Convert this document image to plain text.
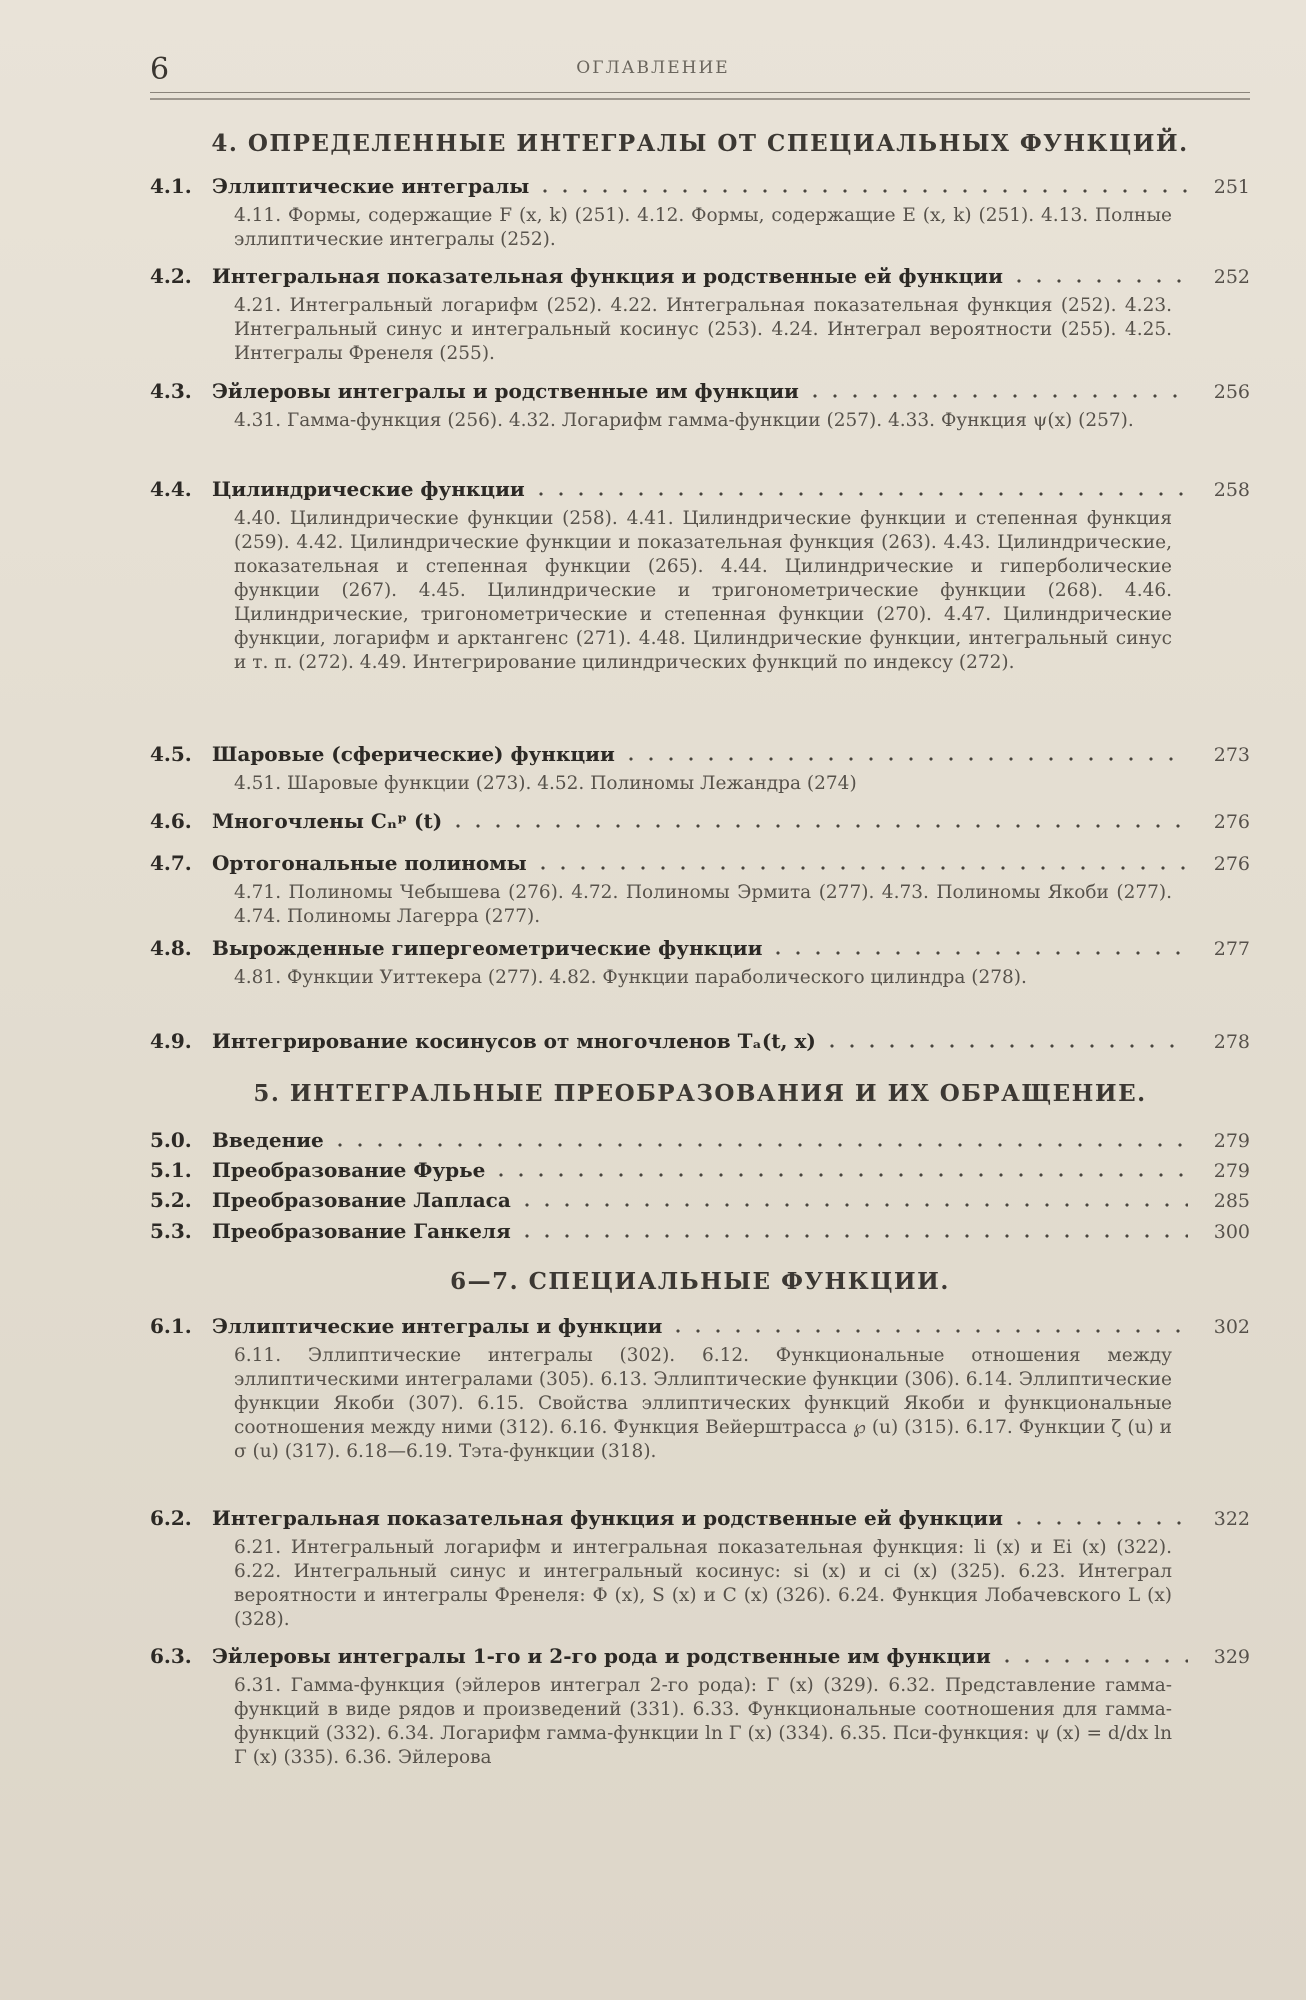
6	ОГЛАВЛЕНИЕ
4. ОПРЕДЕЛЕННЫЕ ИНТЕГРАЛЫ ОТ СПЕЦИАЛЬНЫХ ФУНКЦИЙ.
4.1.	Эллиптические интегралы	251
4.11. Формы, содержащие F (x, k) (251). 4.12. Формы, содержащие E (x, k) (251). 4.13. Полные эллиптические интегралы (252).
4.2.	Интегральная показательная функция и родственные ей функции	252
4.21. Интегральный логарифм (252). 4.22. Интегральная показательная функция (252). 4.23. Интегральный синус и интегральный косинус (253). 4.24. Интеграл вероятности (255). 4.25. Интегралы Френеля (255).
4.3.	Эйлеровы интегралы и родственные им функции	256
4.31. Гамма-функция (256). 4.32. Логарифм гамма-функции (257). 4.33. Функция ψ(x) (257).
4.4.	Цилиндрические функции	258
4.40. Цилиндрические функции (258). 4.41. Цилиндрические функции и степенная функция (259). 4.42. Цилиндрические функции и показательная функция (263). 4.43. Цилиндрические, показательная и степенная функции (265). 4.44. Цилиндрические и гиперболические функции (267). 4.45. Цилиндрические и тригонометрические функции (268). 4.46. Цилиндрические, тригонометрические и степенная функции (270). 4.47. Цилиндрические функции, логарифм и арктангенс (271). 4.48. Цилиндрические функции, интегральный синус и т. п. (272). 4.49. Интегрирование цилиндрических функций по индексу (272).
4.5.	Шаровые (сферические) функции	273
4.51. Шаровые функции (273). 4.52. Полиномы Лежандра (274)
4.6.	Многочлены Cₙᵖ (t)	276
4.7.	Ортогональные полиномы	276
4.71. Полиномы Чебышева (276). 4.72. Полиномы Эрмита (277). 4.73. Полиномы Якоби (277). 4.74. Полиномы Лагерра (277).
4.8.	Вырожденные гипергеометрические функции	277
4.81. Функции Уиттекера (277). 4.82. Функции параболического цилиндра (278).
4.9.	Интегрирование косинусов от многочленов Tₐ(t, x)	278
5. ИНТЕГРАЛЬНЫЕ ПРЕОБРАЗОВАНИЯ И ИХ ОБРАЩЕНИЕ.
5.0.	Введение	279
5.1.	Преобразование Фурье	279
5.2.	Преобразование Лапласа	285
5.3.	Преобразование Ганкеля	300
6—7. СПЕЦИАЛЬНЫЕ ФУНКЦИИ.
6.1.	Эллиптические интегралы и функции	302
6.11. Эллиптические интегралы (302). 6.12. Функциональные отношения между эллиптическими интегралами (305). 6.13. Эллиптические функции (306). 6.14. Эллиптические функции Якоби (307). 6.15. Свойства эллиптических функций Якоби и функциональные соотношения между ними (312). 6.16. Функция Вейерштрасса ℘ (u) (315). 6.17. Функции ζ (u) и σ (u) (317). 6.18—6.19. Тэта-функции (318).
6.2.	Интегральная показательная функция и родственные ей функции	322
6.21. Интегральный логарифм и интегральная показательная функция: li (x) и Ei (x) (322). 6.22. Интегральный синус и интегральный косинус: si (x) и ci (x) (325). 6.23. Интеграл вероятности и интегралы Френеля: Φ (x), S (x) и C (x) (326). 6.24. Функция Лобачевского L (x) (328).
6.3.	Эйлеровы интегралы 1-го и 2-го рода и родственные им функции	329
6.31. Гамма-функция (эйлеров интеграл 2-го рода): Γ (x) (329). 6.32. Представление гамма-функций в виде рядов и произведений (331). 6.33. Функциональные соотношения для гамма-функций (332). 6.34. Логарифм гамма-функции ln Γ (x) (334). 6.35. Пси-функция: ψ (x) = d/dx ln Γ (x) (335). 6.36. Эйлерова
